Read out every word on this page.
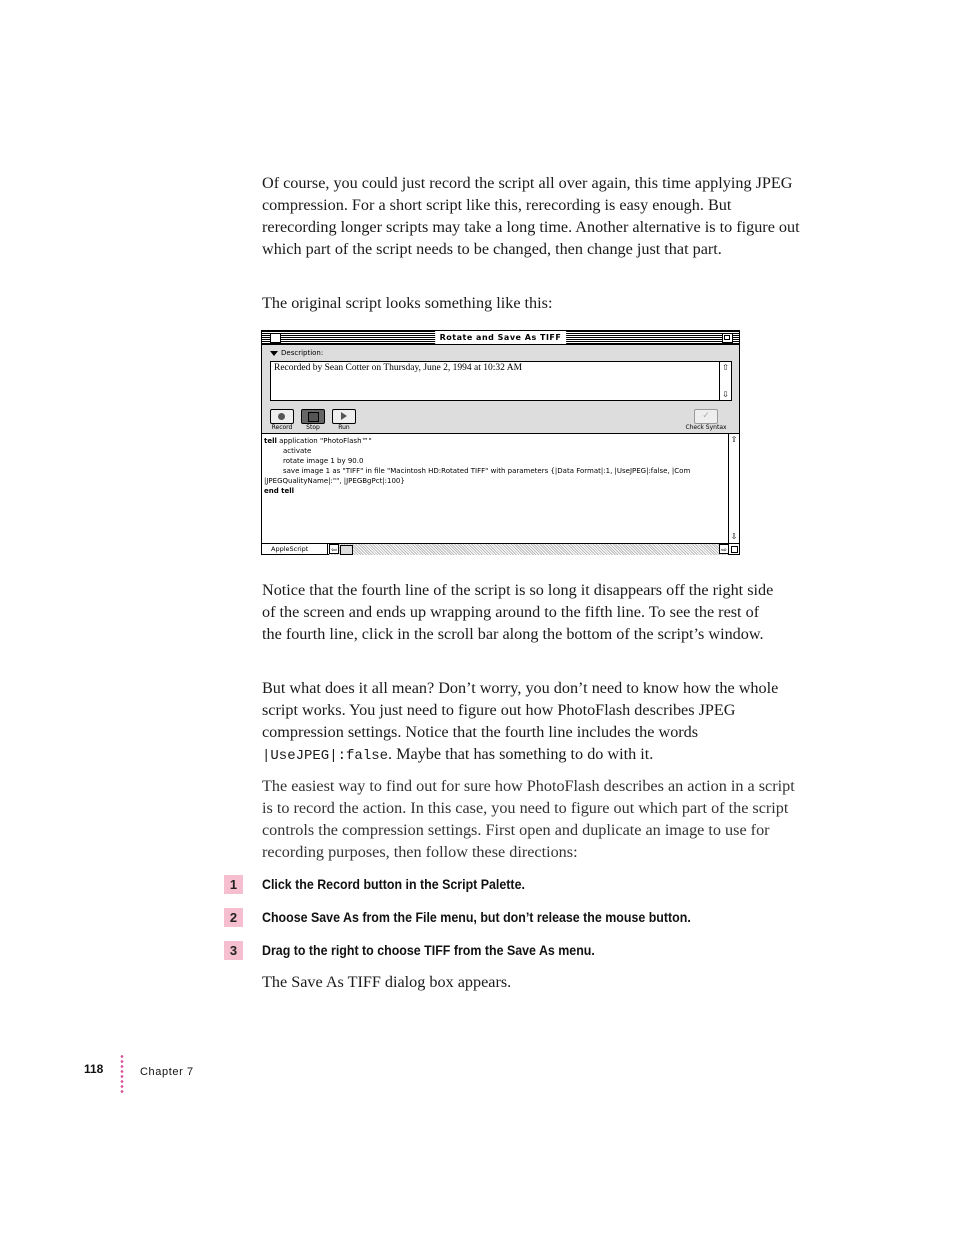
Of course, you could just record the script all over again, this time applying JPEG compression. For a short script like this, rerecording is easy enough. But rerecording longer scripts may take a long time. Another alternative is to figure out which part of the script needs to be changed, then change just that part.

The original script looks something like this:

Rotate and Save As TIFF
Description:
Recorded by Sean Cotter on Thursday, June 2, 1994 at 10:32 AM	⇧
⇩
Record	Stop	Run
✓
Check Syntax
tell application "PhotoFlash™"
activate
rotate image 1 by 90.0
save image 1 as "TIFF" in file "Macintosh HD:Rotated TIFF" with parameters {|Data Format|:1, |UseJPEG|:false, |Com
|JPEGQualityName|:"", |JPEGBgPct|:100}
end tell
⇧
⇩
AppleScript	⇦	⇨

Notice that the fourth line of the script is so long it disappears off the right side of the screen and ends up wrapping around to the fifth line. To see the rest of the fourth line, click in the scroll bar along the bottom of the script’s window.

But what does it all mean? Don’t worry, you don’t need to know how the whole script works. You just need to figure out how PhotoFlash describes JPEG compression settings. Notice that the fourth line includes the words |UseJPEG|:false. Maybe that has something to do with it.

The easiest way to find out for sure how PhotoFlash describes an action in a script is to record the action. In this case, you need to figure out which part of the script controls the compression settings. First open and duplicate an image to use for recording purposes, then follow these directions:

1	Click the Record button in the Script Palette.
2	Choose Save As from the File menu, but don’t release the mouse button.
3	Drag to the right to choose TIFF from the Save As menu.

The Save As TIFF dialog box appears.

118	Chapter 7
